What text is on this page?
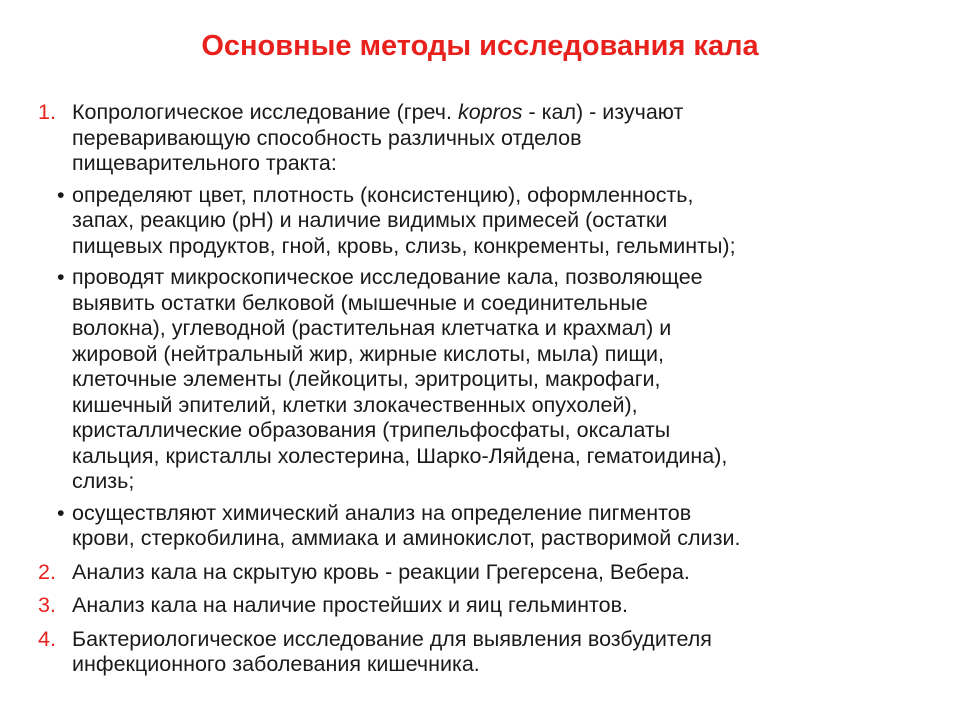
Основные методы исследования кала
1. Копрологическое исследование (греч. kopros - кал) - изучают
переваривающую способность различных отделов
пищеварительного тракта:
• определяют цвет, плотность (консистенцию), оформленность,
запах, реакцию (pH) и наличие видимых примесей (остатки
пищевых продуктов, гной, кровь, слизь, конкременты, гельминты);
• проводят микроскопическое исследование кала, позволяющее
выявить остатки белковой (мышечные и соединительные
волокна), углеводной (растительная клетчатка и крахмал) и
жировой (нейтральный жир, жирные кислоты, мыла) пищи,
клеточные элементы (лейкоциты, эритроциты, макрофаги,
кишечный эпителий, клетки злокачественных опухолей),
кристаллические образования (трипельфосфаты, оксалаты
кальция, кристаллы холестерина, Шарко-Ляйдена, гематоидина),
слизь;
• осуществляют химический анализ на определение пигментов
крови, стеркобилина, аммиака и аминокислот, растворимой слизи.
2. Анализ кала на скрытую кровь - реакции Грегерсена, Вебера.
3. Анализ кала на наличие простейших и яиц гельминтов.
4. Бактериологическое исследование для выявления возбудителя
инфекционного заболевания кишечника.
